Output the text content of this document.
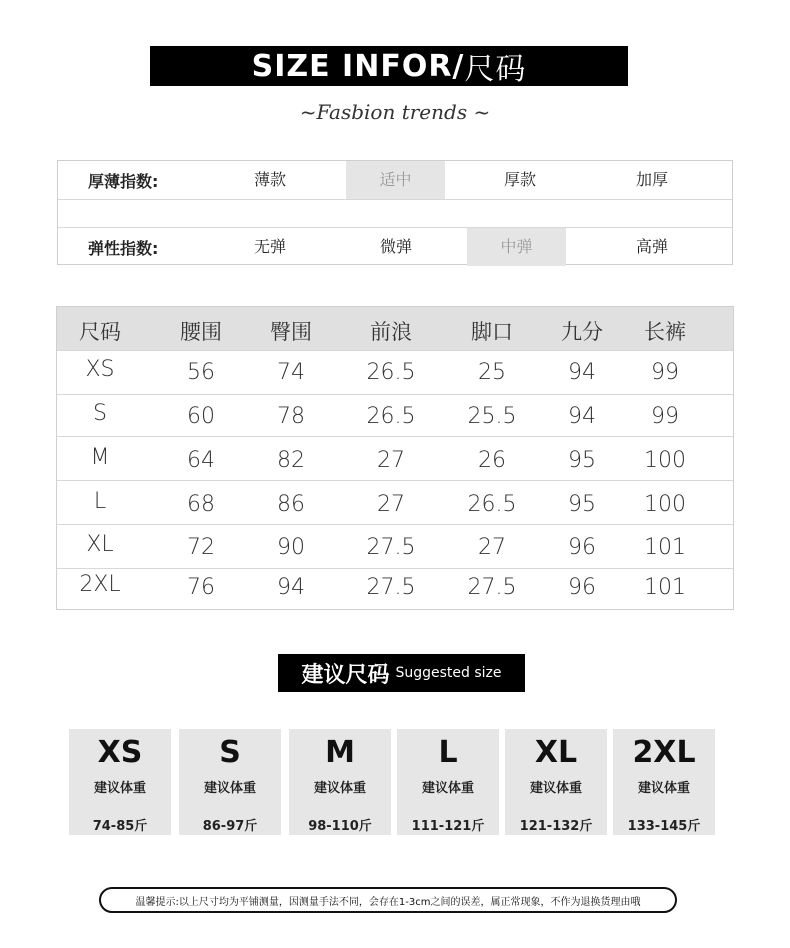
SIZE INFOR/ 尺码
~Fasbion trends ~
厚薄指数:	薄款	适中	厚款	加厚
弹性指数:	无弹	微弹	中弹	高弹
尺码	腰围	臀围	前浪	脚口	九分	长裤
XS	56	74	26.5	25	94	99
S	60	78	26.5	25.5	94	99
M	64	82	27	26	95	100
L	68	86	27	26.5	95	100
XL	72	90	27.5	27	96	101
2XL	76	94	27.5	27.5	96	101
建议尺码 Suggested size
XS
建议体重
74-85斤
S
建议体重
86-97斤
M
建议体重
98-110斤
L
建议体重
111-121斤
XL
建议体重
121-132斤
2XL
建议体重
133-145斤
温馨提示:以上尺寸均为平铺测量，因测量手法不同，会存在1-3cm之间的误差，属正常现象，不作为退换货理由哦
